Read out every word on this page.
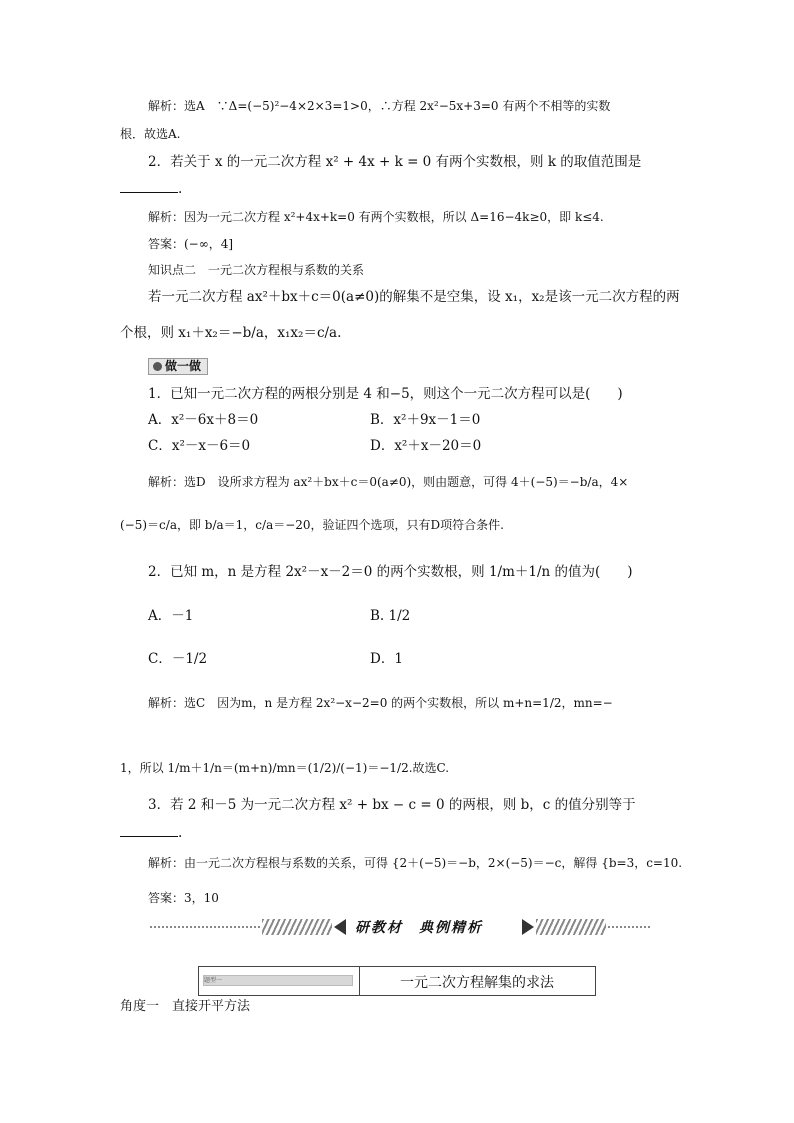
解析：选A　∵Δ=(−5)²−4×2×3=1>0，∴方程 2x²−5x+3=0 有两个不相等的实数
根．故选A.
2．若关于 x 的一元二次方程 x² + 4x + k = 0 有两个实数根，则 k 的取值范围是
.
解析：因为一元二次方程 x²+4x+k=0 有两个实数根，所以 Δ=16−4k≥0，即 k≤4.
答案：(−∞，4]
知识点二　一元二次方程根与系数的关系
若一元二次方程 ax²＋bx＋c＝0(a≠0)的解集不是空集，设 x₁，x₂是该一元二次方程的两
个根，则 x₁＋x₂＝−b/a，x₁x₂＝c/a.
做一做
1．已知一元二次方程的两根分别是 4 和−5，则这个一元二次方程可以是(　　)
A．x²－6x＋8＝0	B．x²＋9x－1＝0
C．x²－x－6＝0	D．x²＋x－20＝0
解析：选D　设所求方程为 ax²＋bx＋c＝0(a≠0)，则由题意，可得 4＋(−5)＝−b/a，4×
(−5)＝c/a，即 b/a＝1，c/a＝−20，验证四个选项，只有D项符合条件.
2．已知 m，n 是方程 2x²－x－2＝0 的两个实数根，则 1/m＋1/n 的值为(　　)
A．－1	B. 1/2
C．－1/2	D．1
解析：选C　因为m，n 是方程 2x²−x−2=0 的两个实数根，所以 m+n=1/2，mn=−
1，所以 1/m＋1/n＝(m+n)/mn＝(1/2)/(−1)＝−1/2.故选C.
3．若 2 和－5 为一元二次方程 x² + bx − c = 0 的两根，则 b，c 的值分别等于
.
解析：由一元二次方程根与系数的关系，可得 {2＋(−5)＝−b，2×(−5)＝−c，解得 {b=3，c=10.
答案：3，10
研教材　典例精析
题型一	一元二次方程解集的求法
角度一　直接开平方法
